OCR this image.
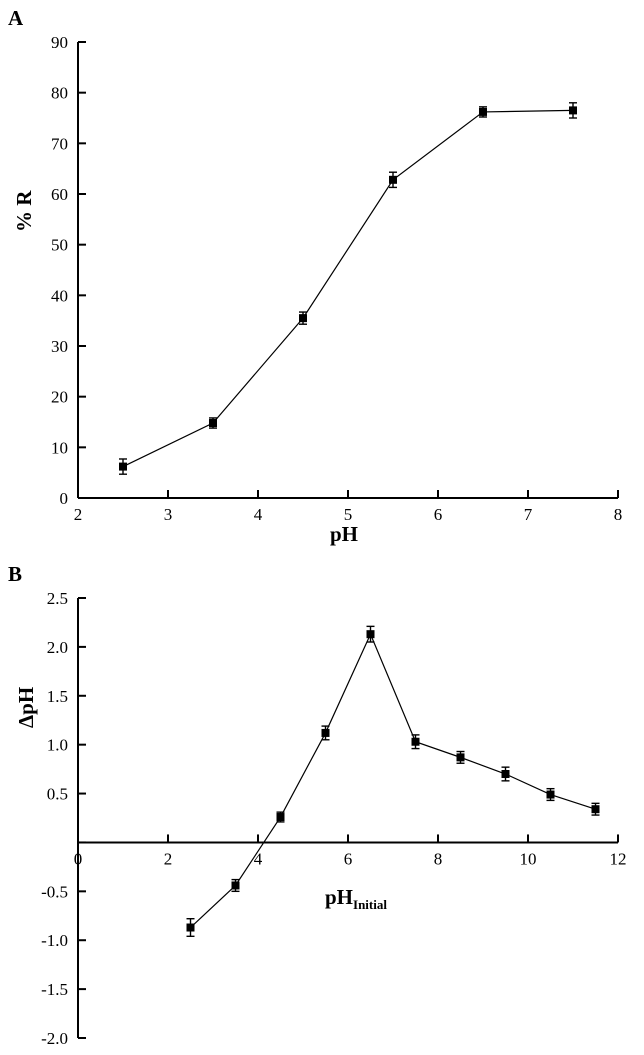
A
2	3	4	5	6	7	8
0
10
20
30
40
50
60
70
80
90
% R
pH
B
0	2	4	6	8	10	12
-2.0
-1.5
-1.0
-0.5
0.5
1.0
1.5
2.0
2.5
ΔpH
$pH_{Initial}$
